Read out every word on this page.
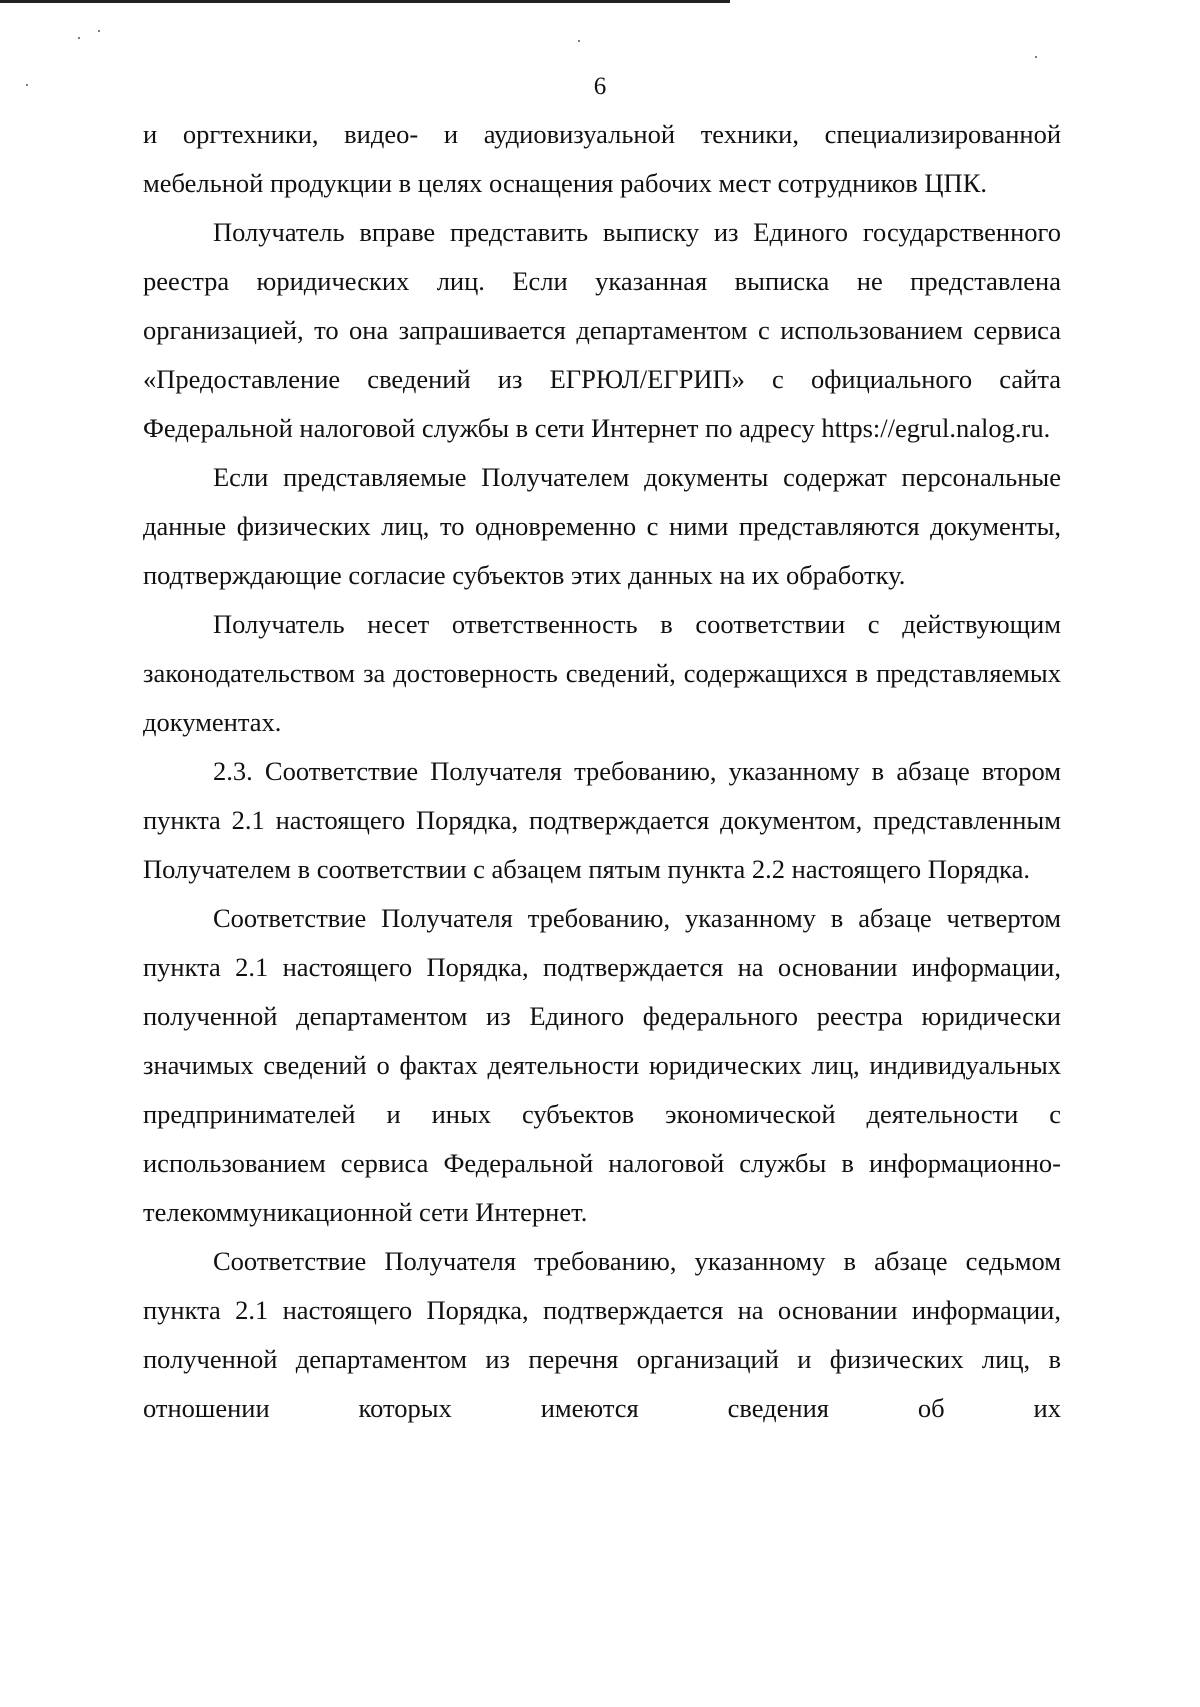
6

и оргтехники, видео- и аудиовизуальной техники, специализированной мебельной продукции в целях оснащения рабочих мест сотрудников ЦПК.

Получатель вправе представить выписку из Единого государственного реестра юридических лиц. Если указанная выписка не представлена организацией, то она запрашивается департаментом с использованием сервиса «Предоставление сведений из ЕГРЮЛ/ЕГРИП» с официального сайта Федеральной налоговой службы в сети Интернет по адресу https://egrul.nalog.ru.

Если представляемые Получателем документы содержат персональные данные физических лиц, то одновременно с ними представляются документы, подтверждающие согласие субъектов этих данных на их обработку.

Получатель несет ответственность в соответствии с действующим законодательством за достоверность сведений, содержащихся в представляемых документах.

2.3. Соответствие Получателя требованию, указанному в абзаце втором пункта 2.1 настоящего Порядка, подтверждается документом, представленным Получателем в соответствии с абзацем пятым пункта 2.2 настоящего Порядка.

Соответствие Получателя требованию, указанному в абзаце четвертом пункта 2.1 настоящего Порядка, подтверждается на основании информации, полученной департаментом из Единого федерального реестра юридически значимых сведений о фактах деятельности юридических лиц, индивидуальных предпринимателей и иных субъектов экономической деятельности с использованием сервиса Федеральной налоговой службы в информационно-телекоммуникационной сети Интернет.

Соответствие Получателя требованию, указанному в абзаце седьмом пункта 2.1 настоящего Порядка, подтверждается на основании информации, полученной департаментом из перечня организаций и физических лиц, в отношении которых имеются сведения об их
